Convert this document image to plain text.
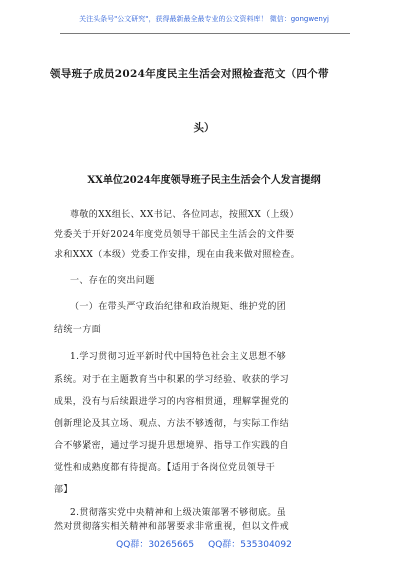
关注头条号"公文研究"，获得最新最全最专业的公文资料库！ 微信：gongwenyj
领导班子成员2024年度民主生活会对照检查范文（四个带
头）
XX单位2024年度领导班子民主生活会个人发言提纲
尊敬的XX组长、XX书记、各位同志，按照XX（上级）
党委关于开好2024年度党员领导干部民主生活会的文件要
求和XXX（本级）党委工作安排，现在由我来做对照检查。
一、存在的突出问题
（一）在带头严守政治纪律和政治规矩、维护党的团
结统一方面
1.学习贯彻习近平新时代中国特色社会主义思想不够
系统。对于在主题教育当中积累的学习经验、收获的学习
成果，没有与后续跟进学习的内容相贯通，理解掌握党的
创新理论及其立场、观点、方法不够透彻，与实际工作结
合不够紧密，通过学习提升思想境界、指导工作实践的自
觉性和成熟度都有待提高。【适用于各岗位党员领导干
部】
2.贯彻落实党中央精神和上级决策部署不够彻底。虽
然对贯彻落实相关精神和部署要求非常重视，但以文件戒
QQ群：30265665 QQ群：535304092
